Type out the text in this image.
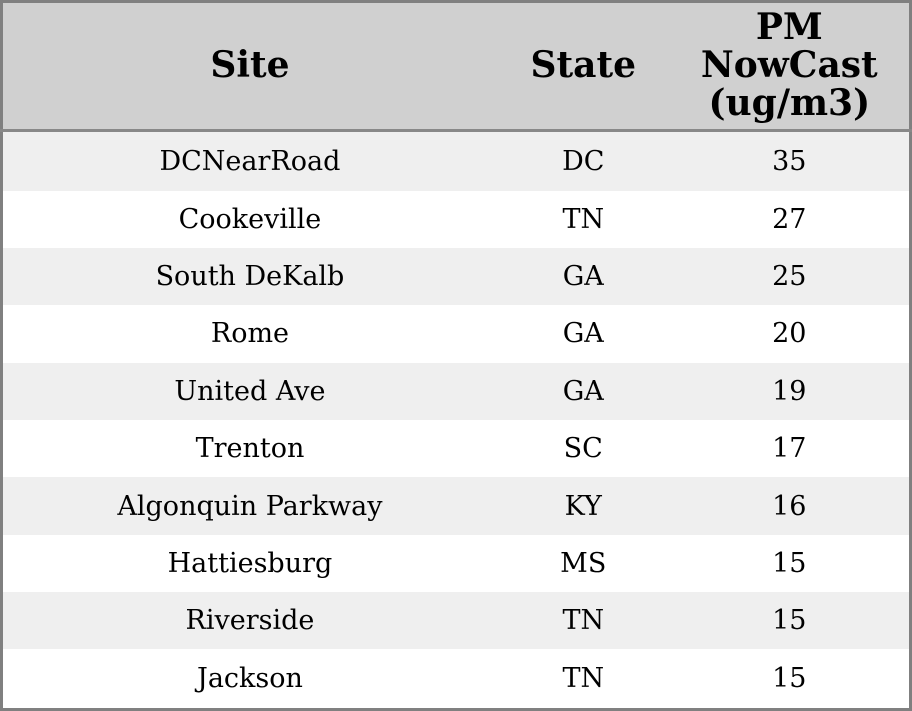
Site	State	PM NowCast (ug/m3)
DCNearRoad	DC	35
Cookeville	TN	27
South DeKalb	GA	25
Rome	GA	20
United Ave	GA	19
Trenton	SC	17
Algonquin Parkway	KY	16
Hattiesburg	MS	15
Riverside	TN	15
Jackson	TN	15
